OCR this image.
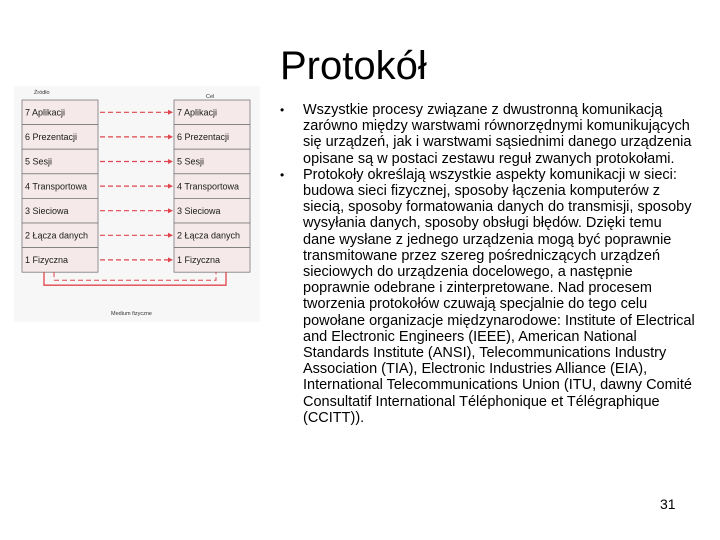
Protokół
7 Aplikacji
6 Prezentacji
5 Sesji
4 Transportowa
3 Sieciowa
2 Łącza danych
1 Fizyczna
7 Aplikacji
6 Prezentacji
5 Sesji
4 Transportowa
3 Sieciowa
2 Łącza danych
1 Fizyczna
Źródło
Cel
Medium fizyczne
• Wszystkie procesy związane z dwustronną komunikacją zarówno między warstwami równorzędnymi komunikujących się urządzeń, jak i warstwami sąsiednimi danego urządzenia opisane są w postaci zestawu reguł zwanych protokołami.
• Protokoły określają wszystkie aspekty komunikacji w sieci: budowa sieci fizycznej, sposoby łączenia komputerów z siecią, sposoby formatowania danych do transmisji, sposoby wysyłania danych, sposoby obsługi błędów. Dzięki temu dane wysłane z jednego urządzenia mogą być poprawnie transmitowane przez szereg pośredniczących urządzeń sieciowych do urządzenia docelowego, a następnie poprawnie odebrane i zinterpretowane. Nad procesem tworzenia protokołów czuwają specjalnie do tego celu powołane organizacje międzynarodowe: Institute of Electrical and Electronic Engineers (IEEE), American National Standards Institute (ANSI), Telecommunications Industry Association (TIA), Electronic Industries Alliance (EIA), International Telecommunications Union (ITU, dawny Comité Consultatif International Téléphonique et Télégraphique (CCITT)).
31
